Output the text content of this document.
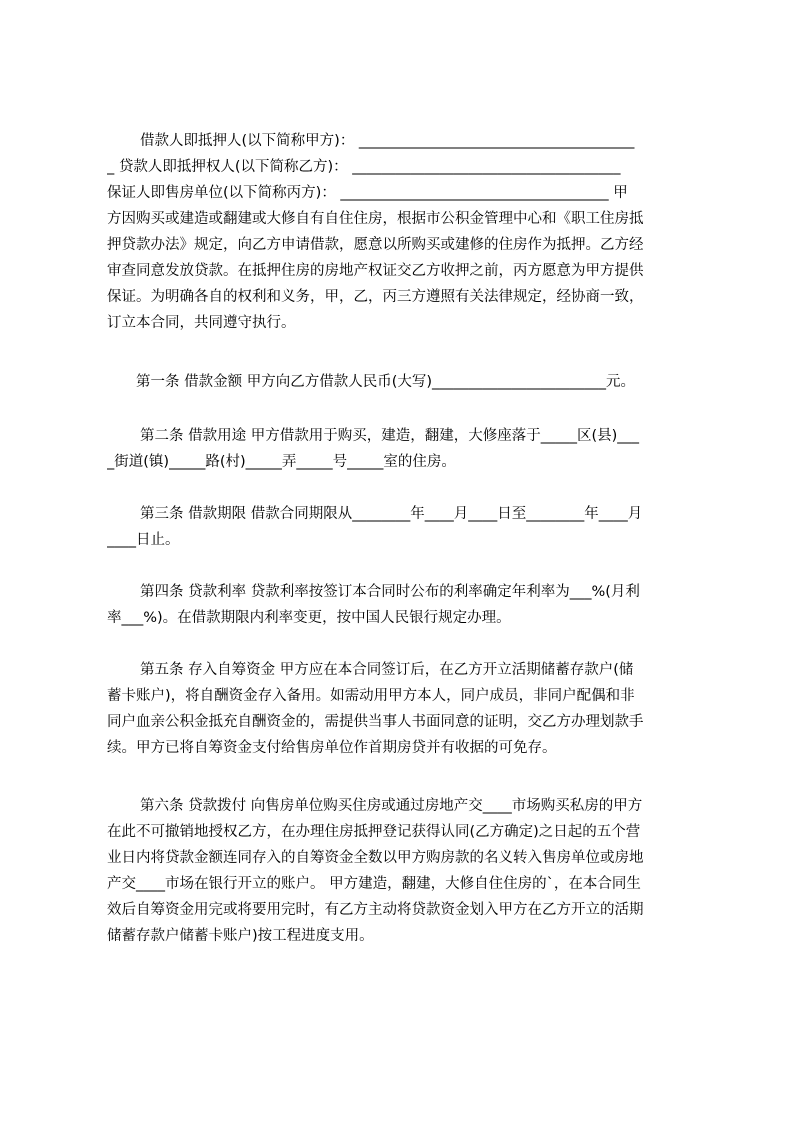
借款人即抵押人(以下简称甲方)： ______________________________________
_ 贷款人即抵押权人(以下简称乙方)： _____________________________________
保证人即售房单位(以下简称丙方)： _____________________________________ 甲
方因购买或建造或翻建或大修自有自住住房，根据市公积金管理中心和《职工住房抵
押贷款办法》规定，向乙方申请借款，愿意以所购买或建修的住房作为抵押。乙方经
审查同意发放贷款。在抵押住房的房地产权证交乙方收押之前，丙方愿意为甲方提供
保证。为明确各自的权利和义务，甲，乙，丙三方遵照有关法律规定，经协商一致，
订立本合同，共同遵守执行。
第一条 借款金额 甲方向乙方借款人民币(大写)________________________元。
第二条 借款用途 甲方借款用于购买，建造，翻建，大修座落于_____区(县)___
_街道(镇)_____路(村)_____弄_____号_____室的住房。
第三条 借款期限 借款合同期限从________年____月____日至________年____月
____日止。
第四条 贷款利率 贷款利率按签订本合同时公布的利率确定年利率为___%(月利
率___%)。在借款期限内利率变更，按中国人民银行规定办理。
第五条 存入自筹资金 甲方应在本合同签订后，在乙方开立活期储蓄存款户(储
蓄卡账户)，将自酬资金存入备用。如需动用甲方本人，同户成员，非同户配偶和非
同户血亲公积金抵充自酬资金的，需提供当事人书面同意的证明，交乙方办理划款手
续。甲方已将自筹资金支付给售房单位作首期房贷并有收据的可免存。
第六条 贷款拨付 向售房单位购买住房或通过房地产交____市场购买私房的甲方
在此不可撤销地授权乙方，在办理住房抵押登记获得认同(乙方确定)之日起的五个营
业日内将贷款金额连同存入的自筹资金全数以甲方购房款的名义转入售房单位或房地
产交____市场在银行开立的账户。 甲方建造，翻建，大修自住住房的`，在本合同生
效后自筹资金用完或将要用完时，有乙方主动将贷款资金划入甲方在乙方开立的活期
储蓄存款户储蓄卡账户)按工程进度支用。
